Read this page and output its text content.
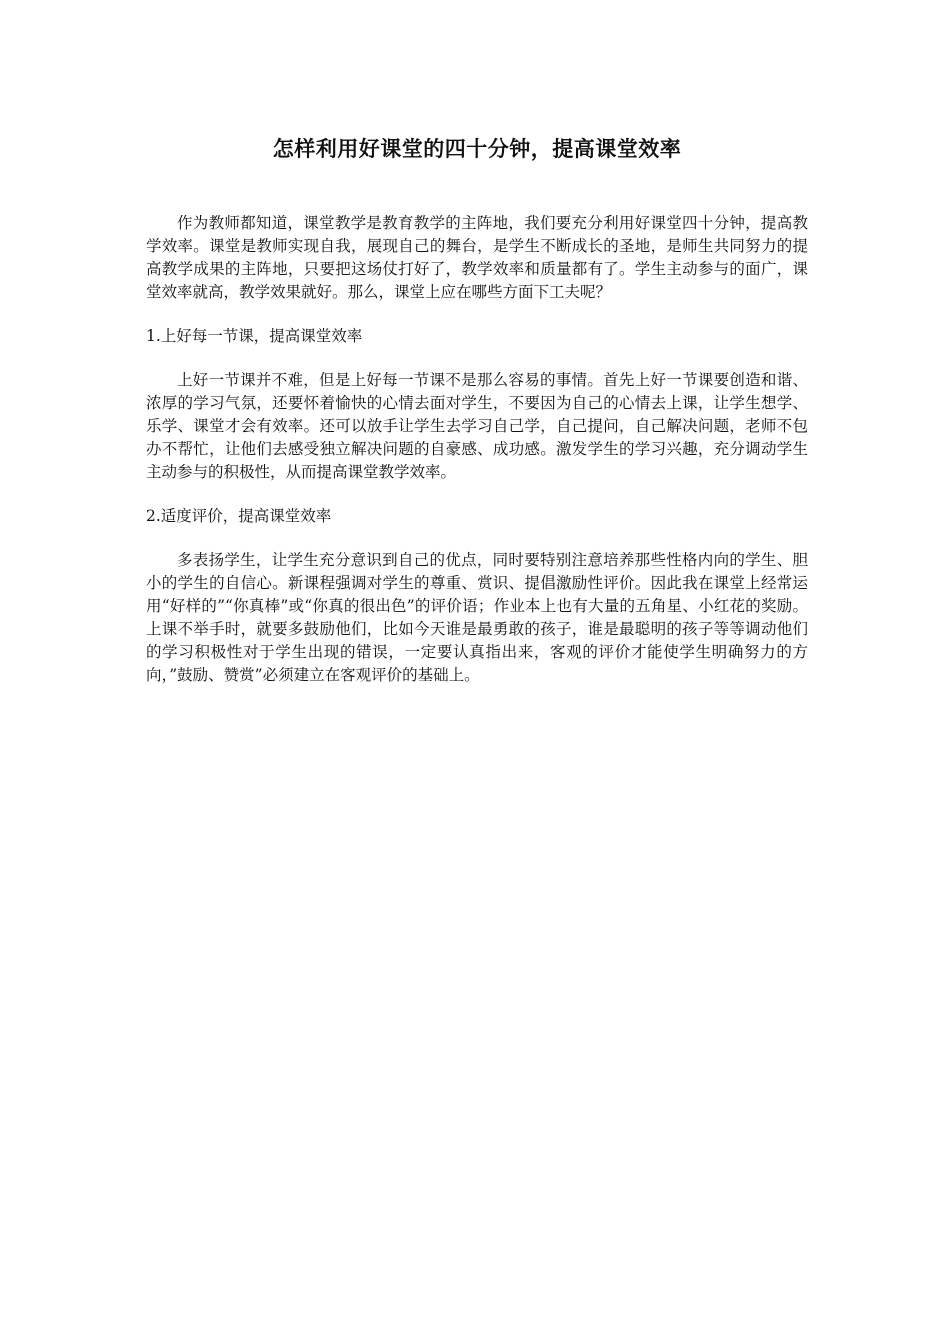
怎样利用好课堂的四十分钟，提高课堂效率

作为教师都知道，课堂教学是教育教学的主阵地，我们要充分利用好课堂四十分钟，提高教学效率。课堂是教师实现自我，展现自己的舞台，是学生不断成长的圣地，是师生共同努力的提高教学成果的主阵地，只要把这场仗打好了，教学效率和质量都有了。学生主动参与的面广，课堂效率就高，教学效果就好。那么，课堂上应在哪些方面下工夫呢？

1.上好每一节课，提高课堂效率

上好一节课并不难，但是上好每一节课不是那么容易的事情。首先上好一节课要创造和谐、浓厚的学习气氛，还要怀着愉快的心情去面对学生，不要因为自己的心情去上课，让学生想学、乐学、课堂才会有效率。还可以放手让学生去学习自己学，自己提问，自己解决问题，老师不包办不帮忙，让他们去感受独立解决问题的自豪感、成功感。激发学生的学习兴趣，充分调动学生主动参与的积极性，从而提高课堂教学效率。

2.适度评价，提高课堂效率

多表扬学生，让学生充分意识到自己的优点，同时要特别注意培养那些性格内向的学生、胆小的学生的自信心。新课程强调对学生的尊重、赏识、提倡激励性评价。因此我在课堂上经常运用“好样的”“你真棒”或“你真的很出色”的评价语；作业本上也有大量的五角星、小红花的奖励。上课不举手时，就要多鼓励他们，比如今天谁是最勇敢的孩子，谁是最聪明的孩子等等调动他们的学习积极性对于学生出现的错误，一定要认真指出来，客观的评价才能使学生明确努力的方向，”鼓励、赞赏”必须建立在客观评价的基础上。
